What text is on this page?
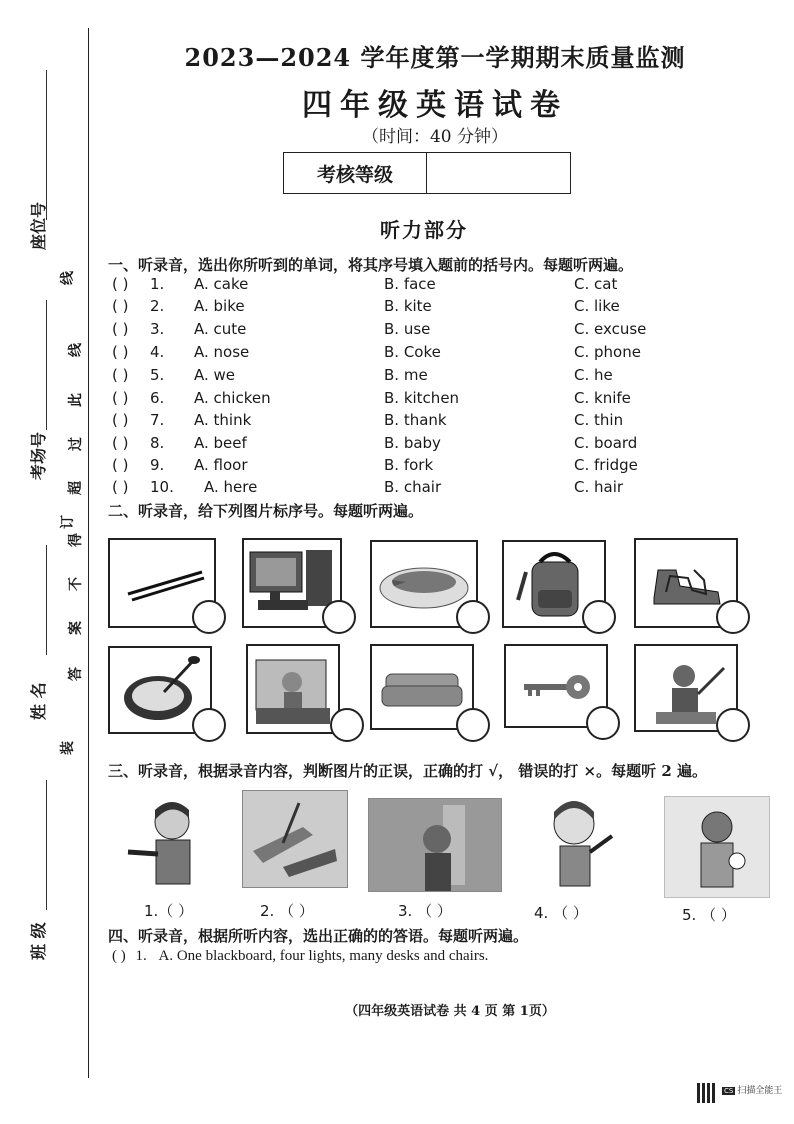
座位号
考场号
姓 名
班 级
装
订
线
答
案
不
得
超
过
此
线
2023—2024 学年度第一学期期末质量监测
四年级英语试卷
（时间：40 分钟）
考核等级
听力部分
一、听录音，选出你所听到的单词，将其序号填入题前的括号内。每题听两遍。
( ) 1. A. cake	B. face	C. cat
( ) 2. A. bike	B. kite	C. like
( ) 3. A. cute	B. use	C. excuse
( ) 4. A. nose	B. Coke	C. phone
( ) 5. A. we	B. me	C. he
( ) 6. A. chicken	B. kitchen	C. knife
( ) 7. A. think	B. thank	C. thin
( ) 8. A. beef	B. baby	C. board
( ) 9. A. floor	B. fork	C. fridge
( ) 10. A. here	B. chair	C. hair
二、听录音，给下列图片标序号。每题听两遍。
三、听录音，根据录音内容，判断图片的正误，正确的打 √， 错误的打 ×。每题听 2 遍。
1.（ ）	2. （ ）	3. （ ）	4. （ ）	5. （ ）
四、听录音，根据所听内容，选出正确的的答语。每题听两遍。
( ) 1. A. One blackboard, four lights, many desks and chairs.
（四年级英语试卷 共 4 页 第 1页）
CS 扫描全能王
